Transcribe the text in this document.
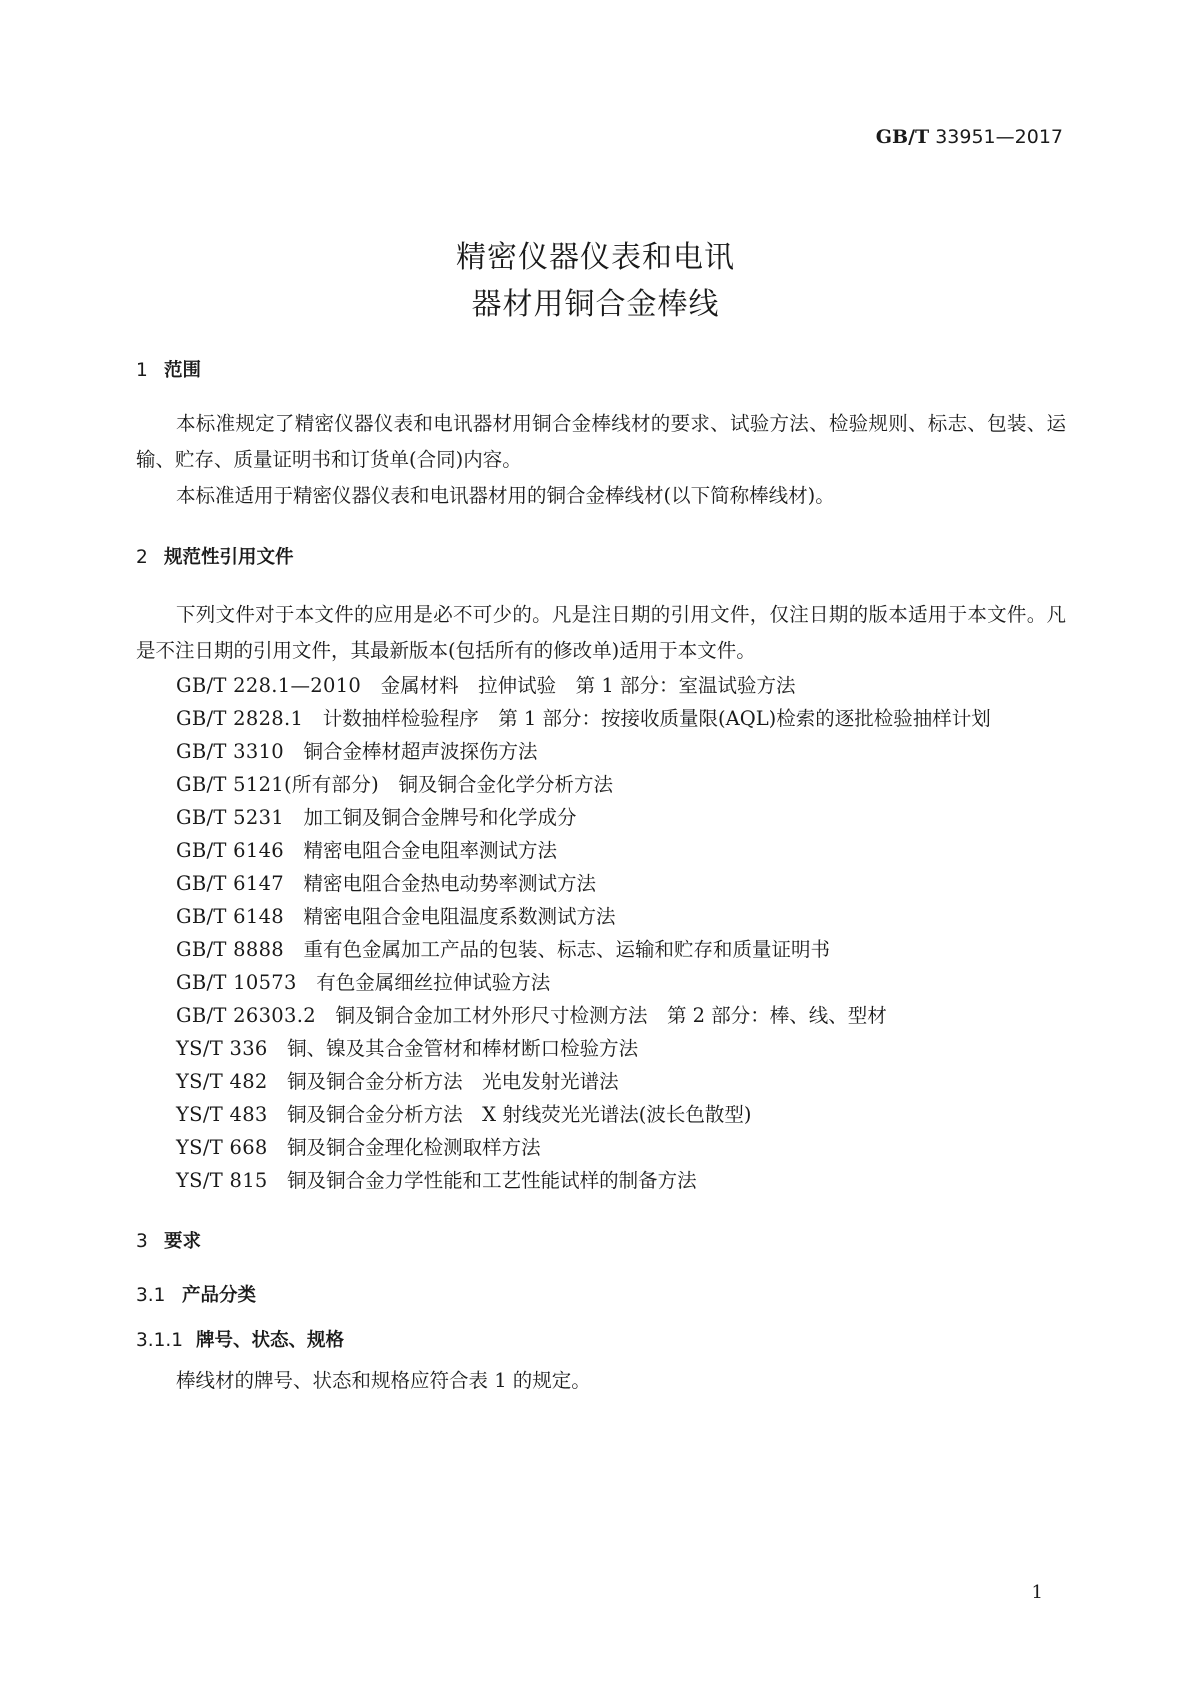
GB/T 33951—2017
精密仪器仪表和电讯
器材用铜合金棒线
1 范围
本标准规定了精密仪器仪表和电讯器材用铜合金棒线材的要求、试验方法、检验规则、标志、包装、运输、贮存、质量证明书和订货单(合同)内容。
本标准适用于精密仪器仪表和电讯器材用的铜合金棒线材(以下简称棒线材)。
2 规范性引用文件
下列文件对于本文件的应用是必不可少的。凡是注日期的引用文件，仅注日期的版本适用于本文件。凡是不注日期的引用文件，其最新版本(包括所有的修改单)适用于本文件。
GB/T 228.1—2010　 金属材料　拉伸试验　第 1 部分：室温试验方法
GB/T 2828.1　 计数抽样检验程序　第 1 部分：按接收质量限(AQL)检索的逐批检验抽样计划
GB/T 3310　 铜合金棒材超声波探伤方法
GB/T 5121(所有部分)　 铜及铜合金化学分析方法
GB/T 5231　 加工铜及铜合金牌号和化学成分
GB/T 6146　 精密电阻合金电阻率测试方法
GB/T 6147　 精密电阻合金热电动势率测试方法
GB/T 6148　 精密电阻合金电阻温度系数测试方法
GB/T 8888　 重有色金属加工产品的包装、标志、运输和贮存和质量证明书
GB/T 10573　 有色金属细丝拉伸试验方法
GB/T 26303.2　 铜及铜合金加工材外形尺寸检测方法　第 2 部分：棒、线、型材
YS/T 336　 铜、镍及其合金管材和棒材断口检验方法
YS/T 482　 铜及铜合金分析方法　光电发射光谱法
YS/T 483　 铜及铜合金分析方法　X 射线荧光光谱法(波长色散型)
YS/T 668　 铜及铜合金理化检测取样方法
YS/T 815　 铜及铜合金力学性能和工艺性能试样的制备方法
3 要求
3.1 产品分类
3.1.1 牌号、状态、规格
棒线材的牌号、状态和规格应符合表 1 的规定。
1
